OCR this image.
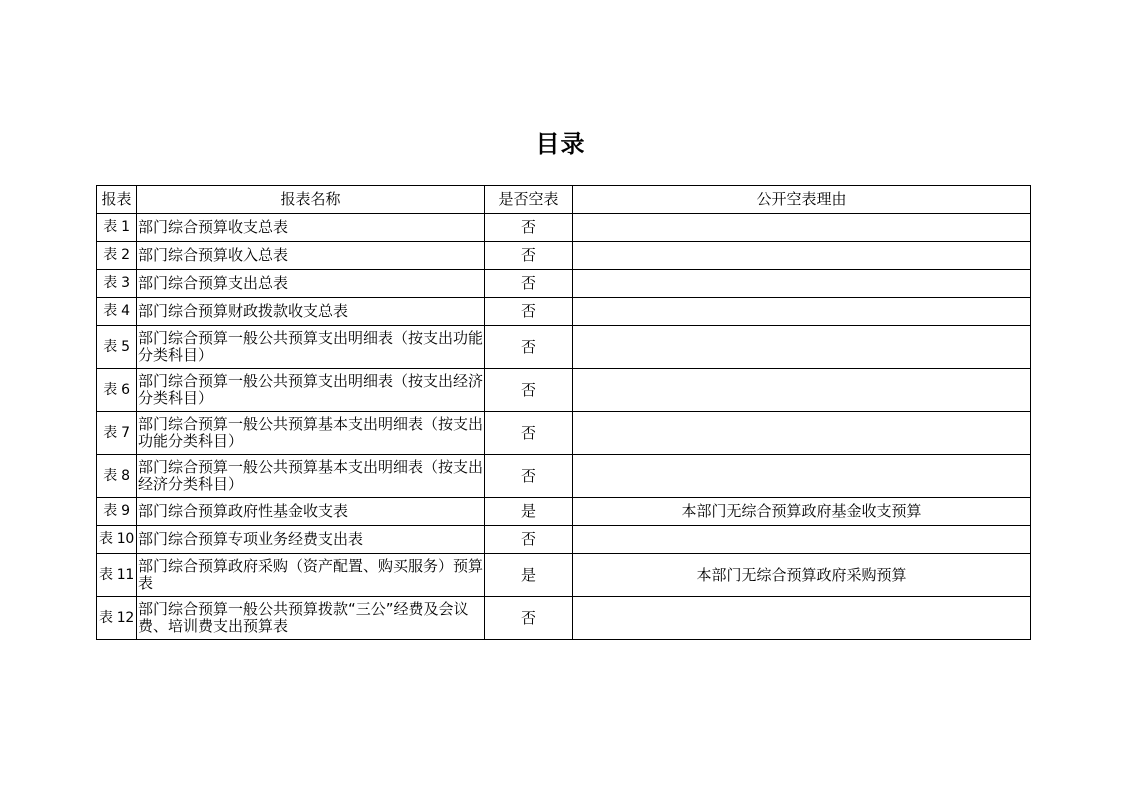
目录
报表	报表名称	是否空表	公开空表理由
表 1	部门综合预算收支总表	否	
表 2	部门综合预算收入总表	否	
表 3	部门综合预算支出总表	否	
表 4	部门综合预算财政拨款收支总表	否	
表 5	部门综合预算一般公共预算支出明细表（按支出功能分类科目）	否	
表 6	部门综合预算一般公共预算支出明细表（按支出经济分类科目）	否	
表 7	部门综合预算一般公共预算基本支出明细表（按支出功能分类科目）	否	
表 8	部门综合预算一般公共预算基本支出明细表（按支出经济分类科目）	否	
表 9	部门综合预算政府性基金收支表	是	本部门无综合预算政府基金收支预算
表 10	部门综合预算专项业务经费支出表	否	
表 11	部门综合预算政府采购（资产配置、购买服务）预算表	是	本部门无综合预算政府采购预算
表 12	部门综合预算一般公共预算拨款“三公”经费及会议费、培训费支出预算表	否	
